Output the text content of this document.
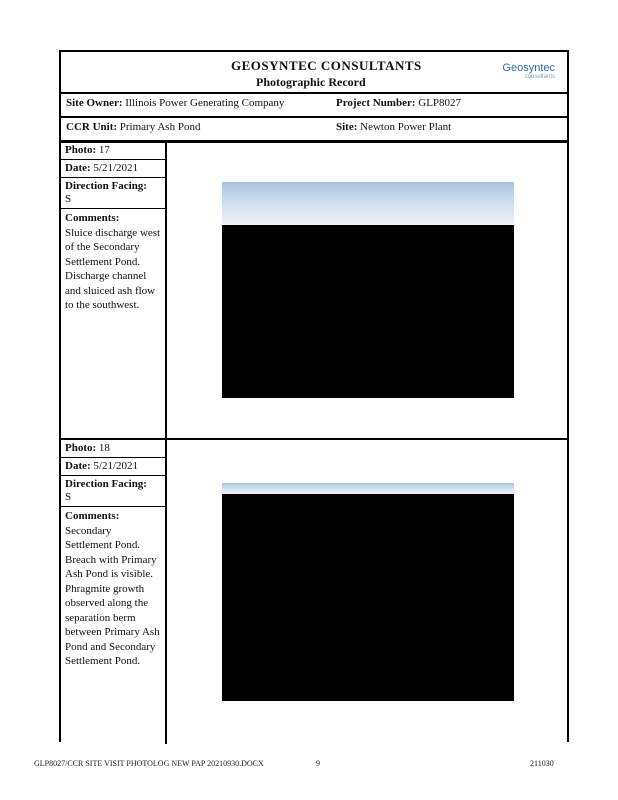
GEOSYNTEC CONSULTANTS
Photographic Record
Geosyntec
consultants
Site Owner: Illinois Power Generating Company	Project Number: GLP8027
CCR Unit: Primary Ash Pond	Site: Newton Power Plant
Photo: 17
Date: 5/21/2021
Direction Facing:
S
Comments:
Sluice discharge west of the Secondary Settlement Pond. Discharge channel and sluiced ash flow to the southwest.
Photo: 18
Date: 5/21/2021
Direction Facing:
S
Comments:
Secondary Settlement Pond. Breach with Primary Ash Pond is visible. Phragmite growth observed along the separation berm between Primary Ash Pond and Secondary Settlement Pond.
GLP8027/CCR SITE VISIT PHOTOLOG NEW PAP 20210930.DOCX	9	211030
